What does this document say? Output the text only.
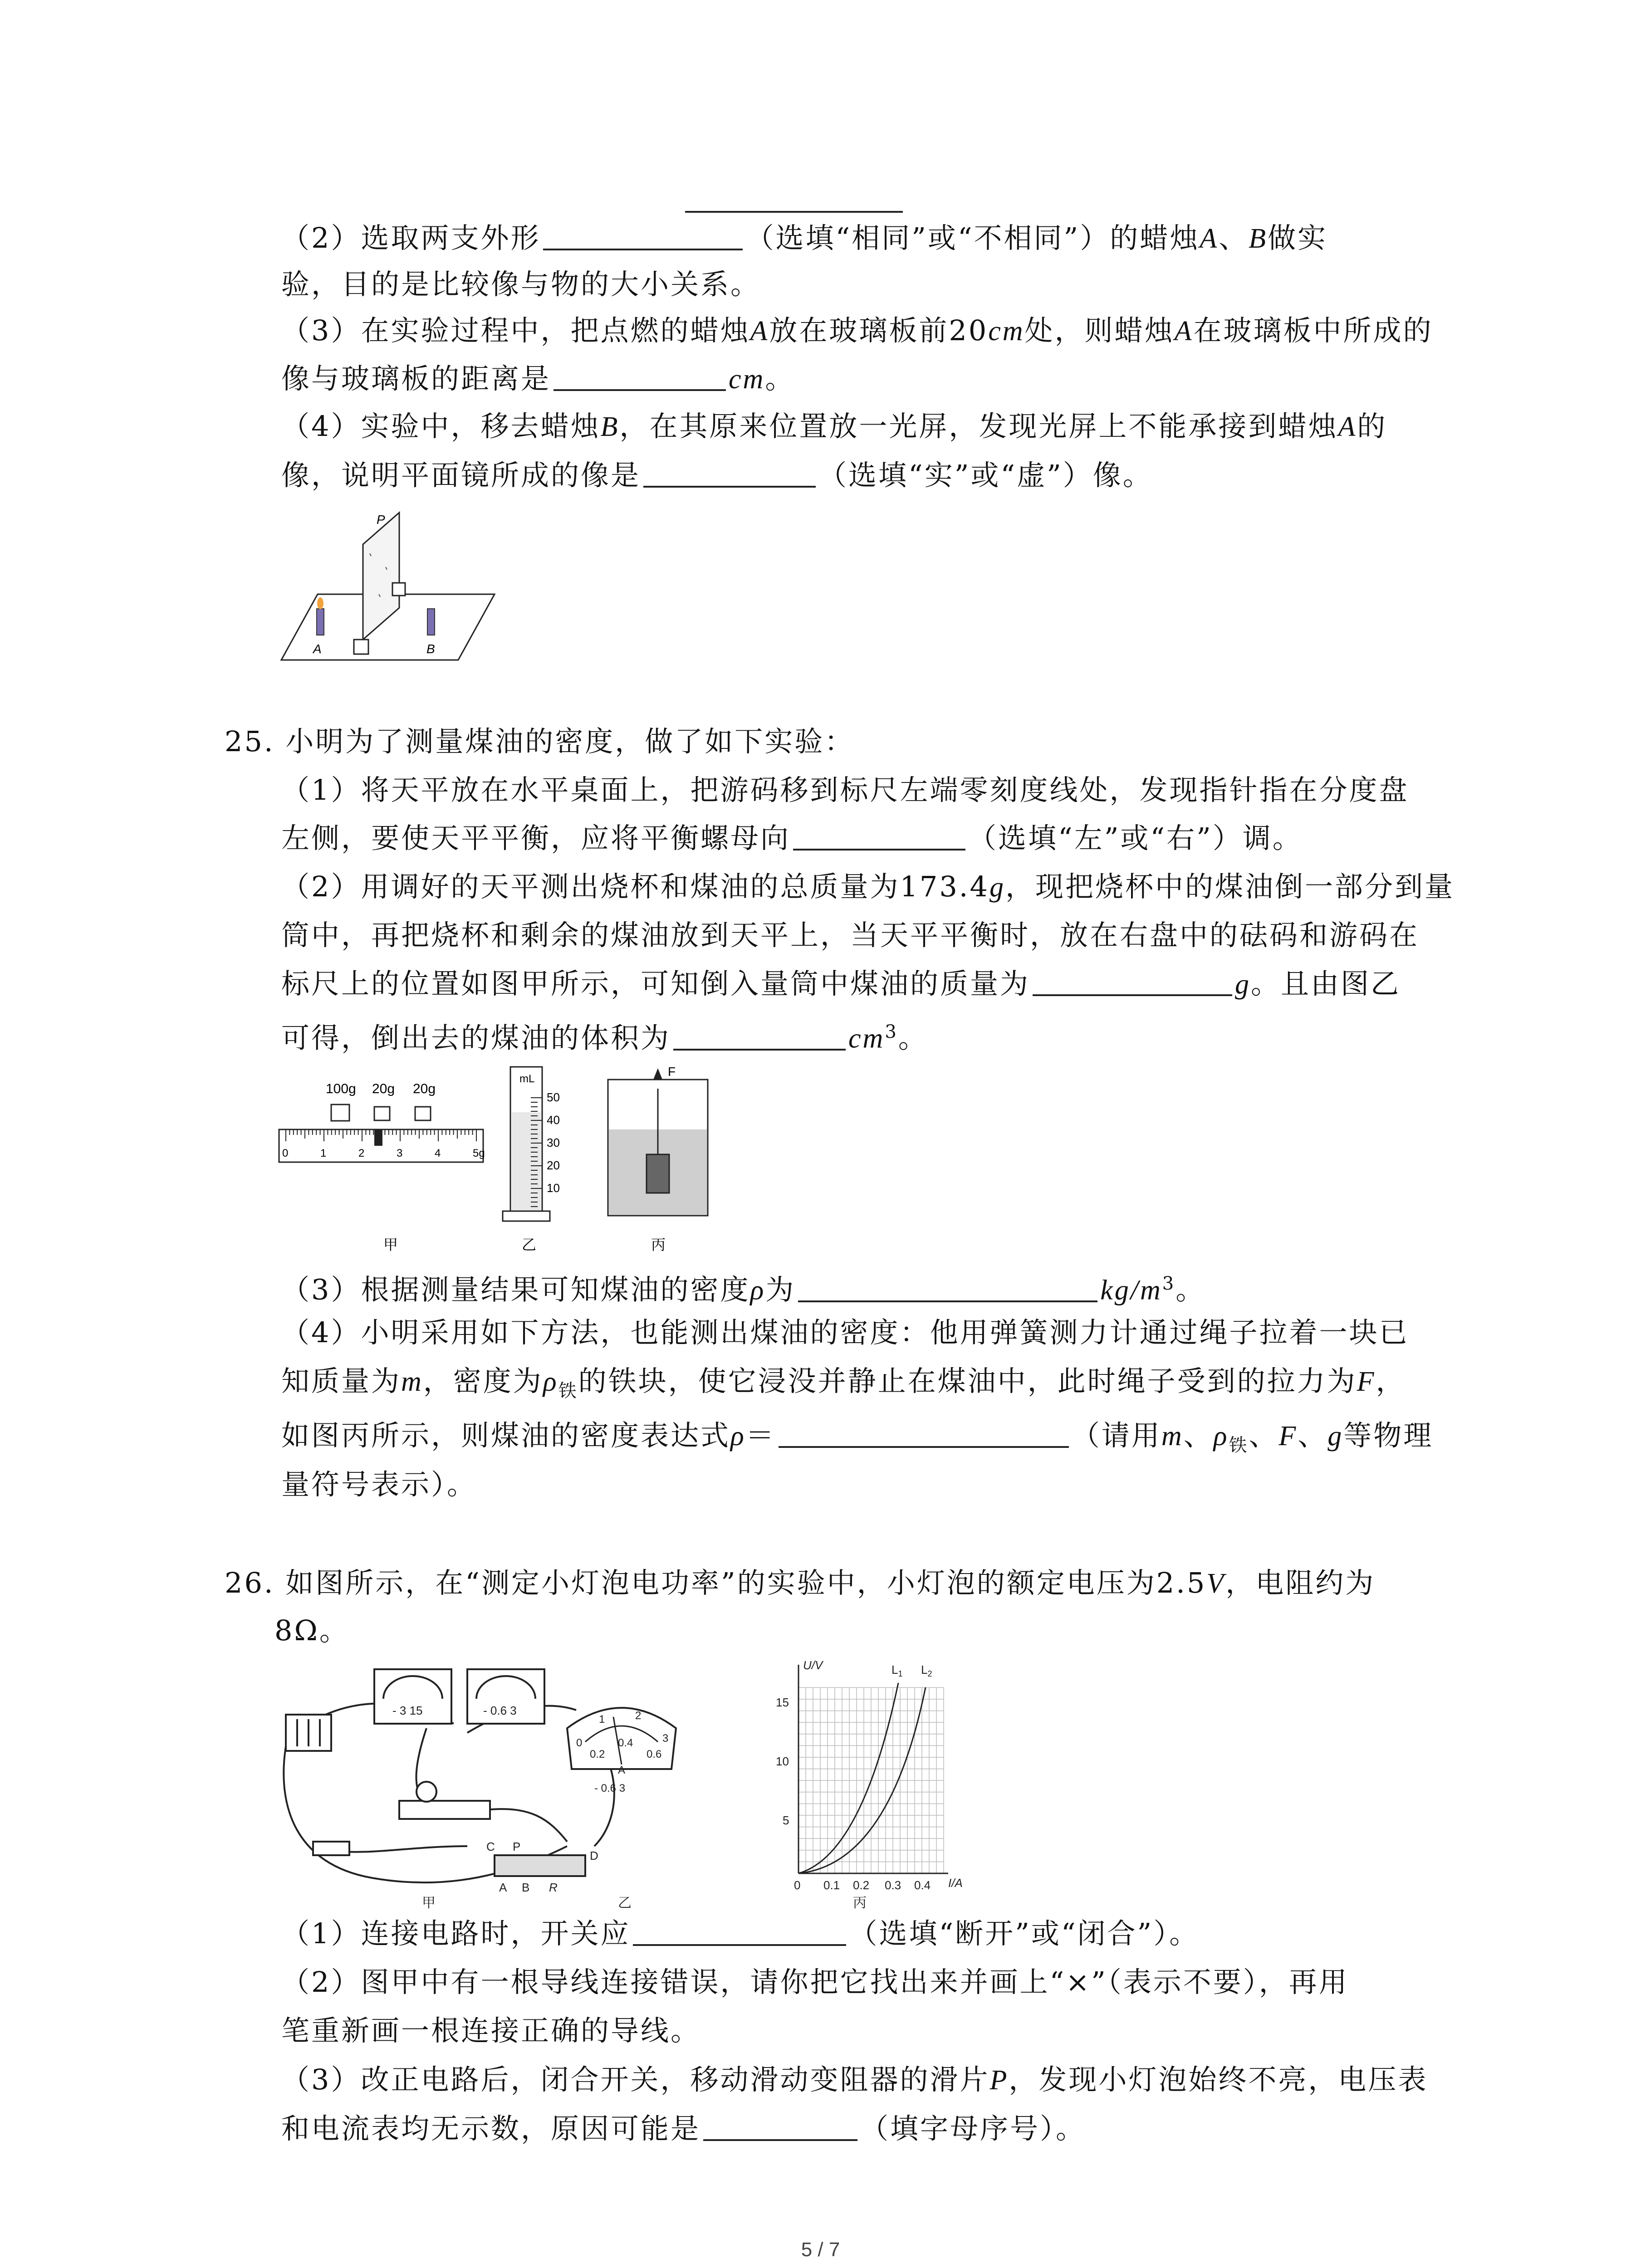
（2）选取两支外形	（选填“相同”或“不相同”）的蜡烛A、B做实
验，目的是比较像与物的大小关系。
（3）在实验过程中，把点燃的蜡烛A放在玻璃板前20cm处，则蜡烛A在玻璃板中所成的
像与玻璃板的距离是	cm。
（4）实验中，移去蜡烛B，在其原来位置放一光屏，发现光屏上不能承接到蜡烛A的
像，说明平面镜所成的像是	（选填“实”或“虚”）像。
P
A	B
25. 小明为了测量煤油的密度，做了如下实验：
（1）将天平放在水平桌面上，把游码移到标尺左端零刻度线处，发现指针指在分度盘
左侧，要使天平平衡，应将平衡螺母向	（选填“左”或“右”）调。
（2）用调好的天平测出烧杯和煤油的总质量为173.4g，现把烧杯中的煤油倒一部分到量
筒中，再把烧杯和剩余的煤油放到天平上，当天平平衡时，放在右盘中的砝码和游码在
标尺上的位置如图甲所示，可知倒入量筒中煤油的质量为	g。且由图乙
可得，倒出去的煤油的体积为	$cm^3$。
100g 20g 20g
0	1	2	3	4	5g
甲
mL
50
40
30
20
10
乙
F
丙
（3）根据测量结果可知煤油的密度ρ为	$kg/m^3$。
（4）小明采用如下方法，也能测出煤油的密度：他用弹簧测力计通过绳子拉着一块已
知质量为m，密度为$\rho_铁$的铁块，使它浸没并静止在煤油中，此时绳子受到的拉力为F，
如图丙所示，则煤油的密度表达式ρ＝	（请用m、$\rho_铁$、F、g等物理
量符号表示）。
26. 如图所示，在“测定小灯泡电功率”的实验中，小灯泡的额定电压为2.5V，电阻约为
8Ω。
- 3 15	- 0.6 3
C P
D
A B R
甲
0
1	2
3
0.2
0.4
0.6
A
- 0.6 3
乙
U/V
I/A
$L_1$ $L_2$
15
10
5
0 0.1 0.2 0.3 0.4
丙
（1）连接电路时，开关应	（选填“断开”或“闭合”）。
（2）图甲中有一根导线连接错误，请你把它找出来并画上“×”（表示不要），再用
笔重新画一根连接正确的导线。
（3）改正电路后，闭合开关，移动滑动变阻器的滑片P，发现小灯泡始终不亮，电压表
和电流表均无示数，原因可能是	（填字母序号）。
5 / 7
